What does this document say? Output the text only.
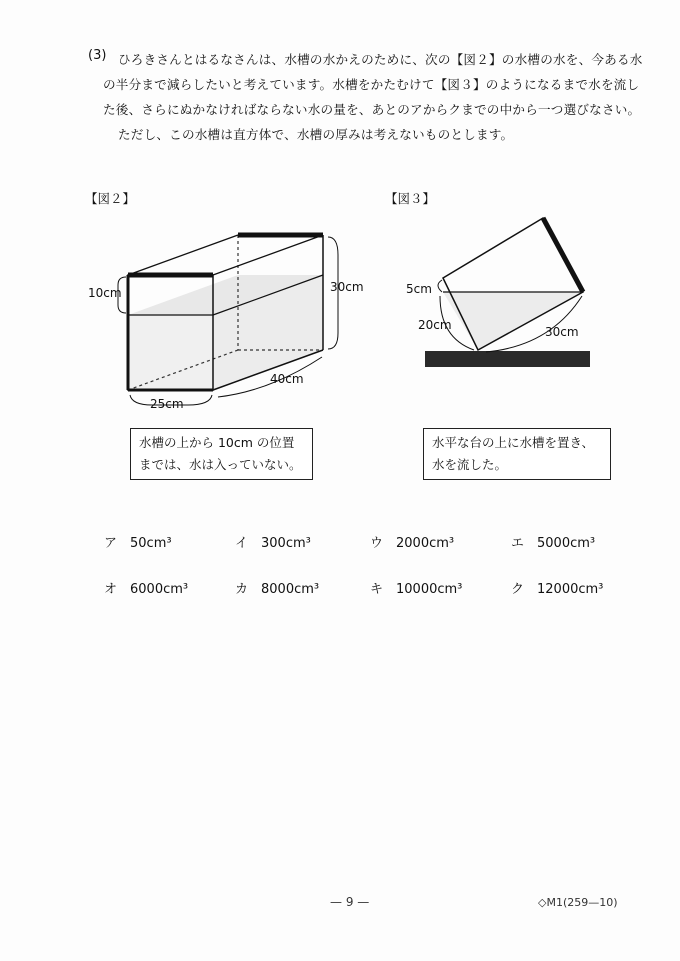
(3) ひろきさんとはるなさんは、水槽の水かえのために、次の【図２】の水槽の水を、今ある水
の半分まで減らしたいと考えています。水槽をかたむけて【図３】のようになるまで水を流し
た後、さらにぬかなければならない水の量を、あとのアからクまでの中から一つ選びなさい。
ただし、この水槽は直方体で、水槽の厚みは考えないものとします。
【図２】	【図３】
10cm	30cm
40cm
25cm
5cm
20cm	30cm
水槽の上から 10cm の位置
までは、水は入っていない。
水平な台の上に水槽を置き、
水を流した。
ア 50cm³	イ 300cm³	ウ 2000cm³	エ 5000cm³
オ 6000cm³	カ 8000cm³	キ 10000cm³	ク 12000cm³
— 9 —	◇M1(259—10)
